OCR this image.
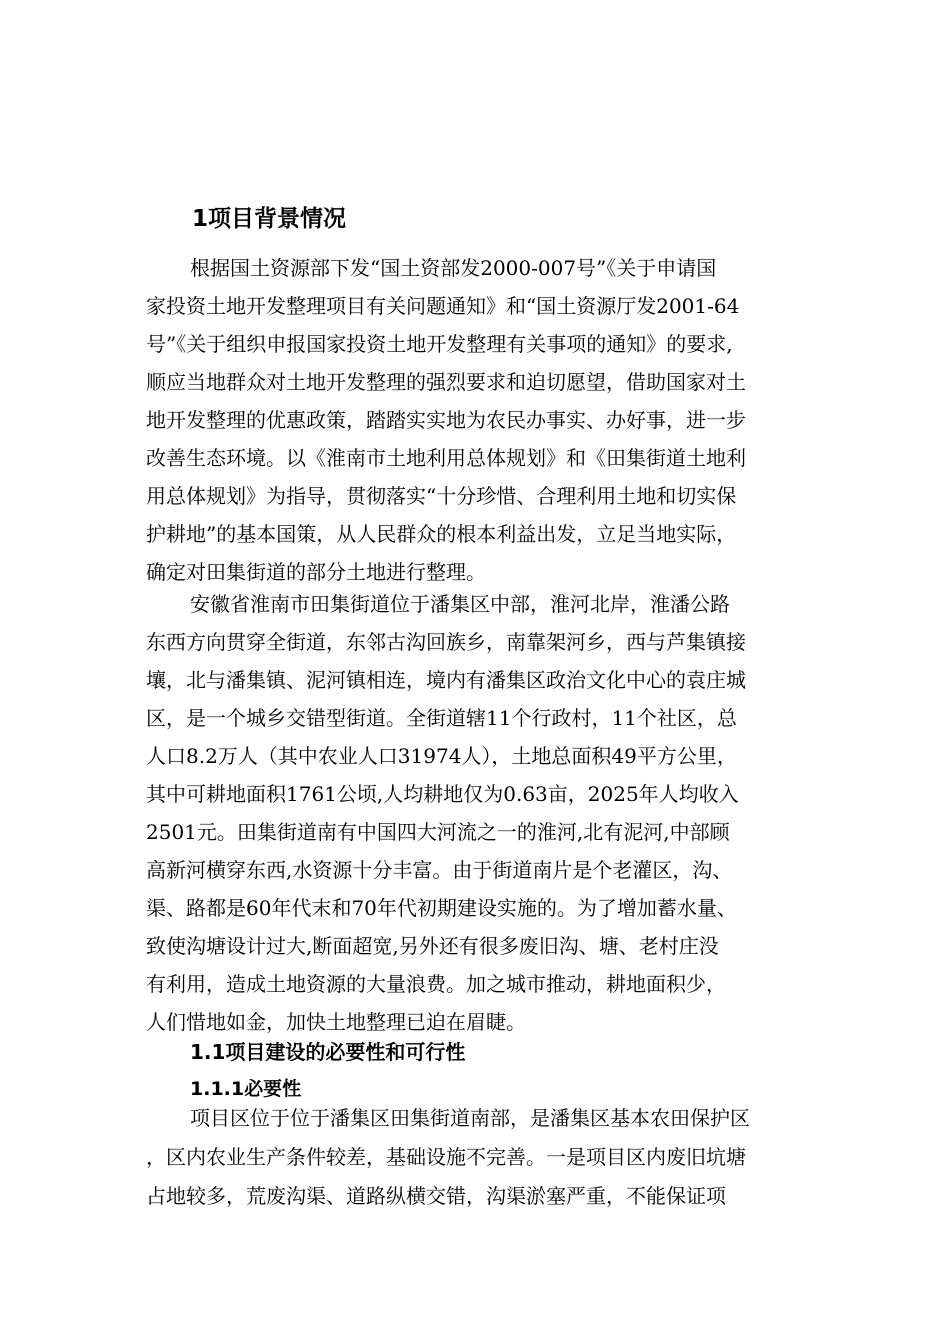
1项目背景情况
根据国土资源部下发“国土资部发2000-007号”《关于申请国
家投资土地开发整理项目有关问题通知》和“国土资源厅发2001-64
号”《关于组织申报国家投资土地开发整理有关事项的通知》的要求,
顺应当地群众对土地开发整理的强烈要求和迫切愿望，借助国家对土
地开发整理的优惠政策，踏踏实实地为农民办事实、办好事，进一步
改善生态环境。以《淮南市土地利用总体规划》和《田集街道土地利
用总体规划》为指导，贯彻落实“十分珍惜、合理利用土地和切实保
护耕地”的基本国策，从人民群众的根本利益出发，立足当地实际，
确定对田集街道的部分土地进行整理。
安徽省淮南市田集街道位于潘集区中部，淮河北岸，淮潘公路
东西方向贯穿全街道，东邻古沟回族乡，南靠架河乡，西与芦集镇接
壤，北与潘集镇、泥河镇相连，境内有潘集区政治文化中心的袁庄城
区，是一个城乡交错型街道。全街道辖11个行政村，11个社区，总
人口8.2万人（其中农业人口31974人），土地总面积49平方公里，
其中可耕地面积1761公顷,人均耕地仅为0.63亩，2025年人均收入
2501元。田集街道南有中国四大河流之一的淮河,北有泥河,中部顾
高新河横穿东西,水资源十分丰富。由于街道南片是个老灌区，沟、
渠、路都是60年代末和70年代初期建设实施的。为了增加蓄水量、
致使沟塘设计过大,断面超宽,另外还有很多废旧沟、塘、老村庄没
有利用，造成土地资源的大量浪费。加之城市推动，耕地面积少，
人们惜地如金，加快土地整理已迫在眉睫。
1.1项目建设的必要性和可行性
1.1.1必要性
项目区位于位于潘集区田集街道南部，是潘集区基本农田保护区
，区内农业生产条件较差，基础设施不完善。一是项目区内废旧坑塘
占地较多，荒废沟渠、道路纵横交错，沟渠淤塞严重，不能保证项
